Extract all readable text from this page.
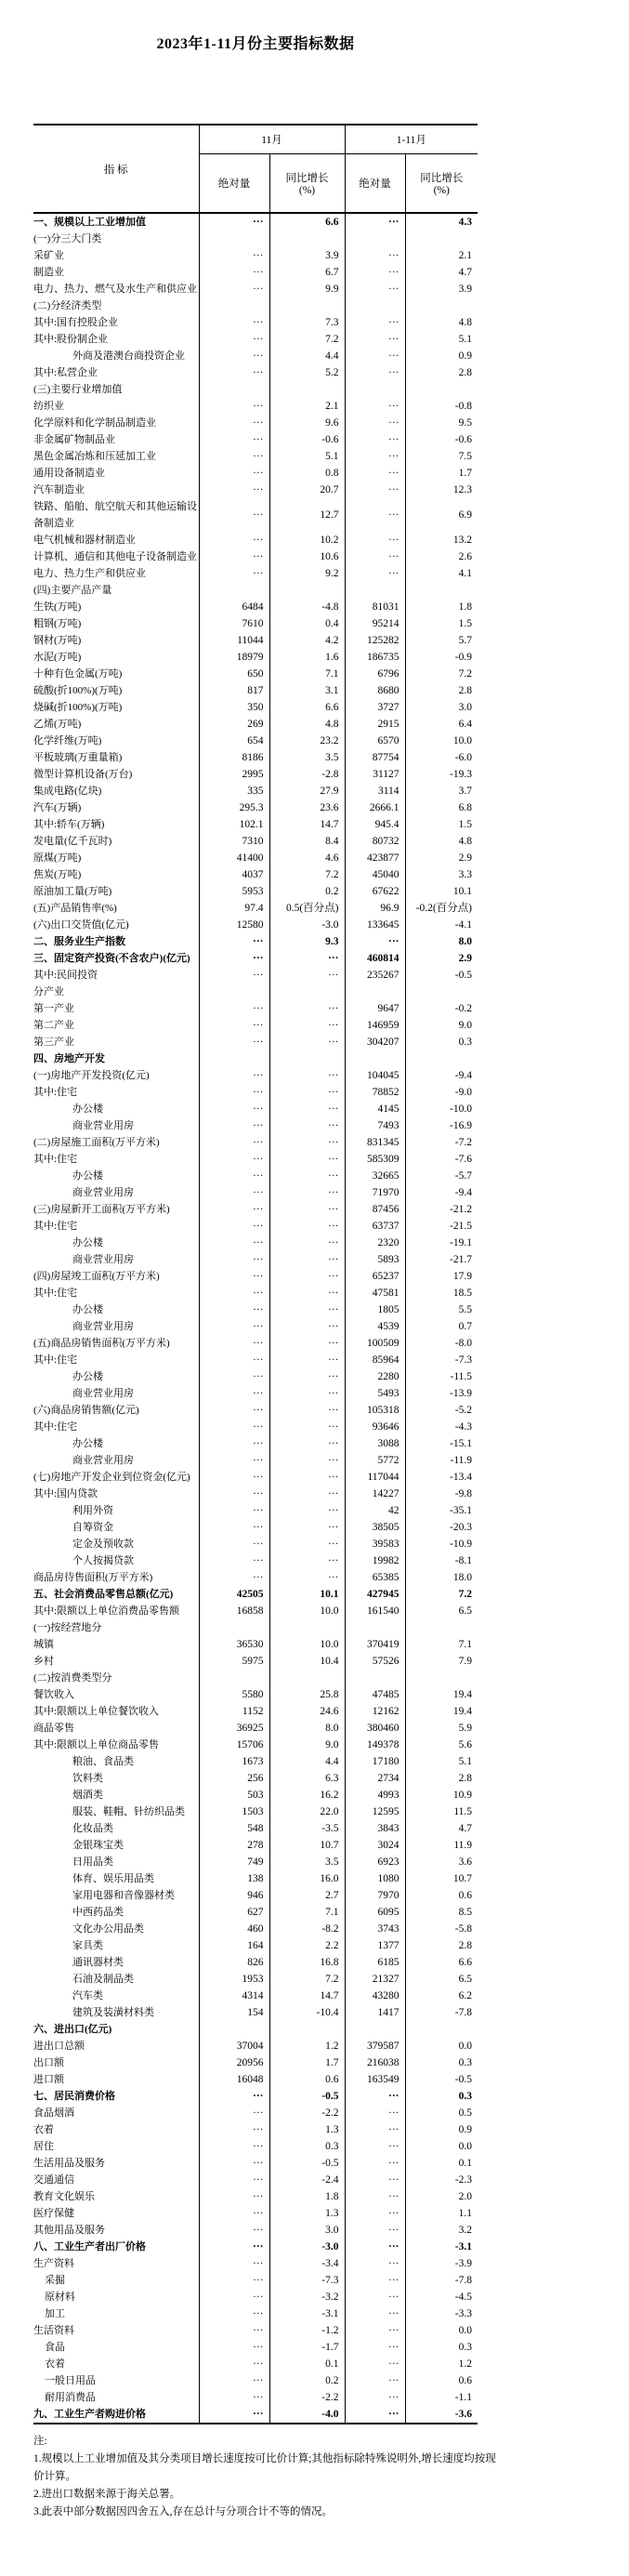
2023年1-11月份主要指标数据
指 标	11月		1-11月	
绝对量	同比增长
(%)
	绝对量	同比增长
(%)

一、规模以上工业增加值	···	6.6	···	4.3
(一)分三大门类				
采矿业	···	3.9	···	2.1
制造业	···	6.7	···	4.7
电力、热力、燃气及水生产和供应业	···	9.9	···	3.9
(二)分经济类型				
其中:国有控股企业	···	7.3	···	4.8
其中:股份制企业	···	7.2	···	5.1
外商及港澳台商投资企业	···	4.4	···	0.9
其中:私营企业	···	5.2	···	2.8
(三)主要行业增加值				
纺织业	···	2.1	···	-0.8
化学原料和化学制品制造业	···	9.6	···	9.5
非金属矿物制品业	···	-0.6	···	-0.6
黑色金属冶炼和压延加工业	···	5.1	···	7.5
通用设备制造业	···	0.8	···	1.7
汽车制造业	···	20.7	···	12.3
铁路、船舶、航空航天和其他运输设备制造业	···	12.7	···	6.9
电气机械和器材制造业	···	10.2	···	13.2
计算机、通信和其他电子设备制造业	···	10.6	···	2.6
电力、热力生产和供应业	···	9.2	···	4.1
(四)主要产品产量				
生铁(万吨)	6484	-4.8	81031	1.8
粗钢(万吨)	7610	0.4	95214	1.5
钢材(万吨)	11044	4.2	125282	5.7
水泥(万吨)	18979	1.6	186735	-0.9
十种有色金属(万吨)	650	7.1	6796	7.2
硫酸(折100%)(万吨)	817	3.1	8680	2.8
烧碱(折100%)(万吨)	350	6.6	3727	3.0
乙烯(万吨)	269	4.8	2915	6.4
化学纤维(万吨)	654	23.2	6570	10.0
平板玻璃(万重量箱)	8186	3.5	87754	-6.0
微型计算机设备(万台)	2995	-2.8	31127	-19.3
集成电路(亿块)	335	27.9	3114	3.7
汽车(万辆)	295.3	23.6	2666.1	6.8
其中:轿车(万辆)	102.1	14.7	945.4	1.5
发电量(亿千瓦时)	7310	8.4	80732	4.8
原煤(万吨)	41400	4.6	423877	2.9
焦炭(万吨)	4037	7.2	45040	3.3
原油加工量(万吨)	5953	0.2	67622	10.1
(五)产品销售率(%)	97.4	0.5(百分点)	96.9	-0.2(百分点)
(六)出口交货值(亿元)	12580	-3.0	133645	-4.1
二、服务业生产指数	···	9.3	···	8.0
三、固定资产投资(不含农户)(亿元)	···	···	460814	2.9
其中:民间投资	···	···	235267	-0.5
分产业				
第一产业	···	···	9647	-0.2
第二产业	···	···	146959	9.0
第三产业	···	···	304207	0.3
四、房地产开发				
(一)房地产开发投资(亿元)	···	···	104045	-9.4
其中:住宅	···	···	78852	-9.0
办公楼	···	···	4145	-10.0
商业营业用房	···	···	7493	-16.9
(二)房屋施工面积(万平方米)	···	···	831345	-7.2
其中:住宅	···	···	585309	-7.6
办公楼	···	···	32665	-5.7
商业营业用房	···	···	71970	-9.4
(三)房屋新开工面积(万平方米)	···	···	87456	-21.2
其中:住宅	···	···	63737	-21.5
办公楼	···	···	2320	-19.1
商业营业用房	···	···	5893	-21.7
(四)房屋竣工面积(万平方米)	···	···	65237	17.9
其中:住宅	···	···	47581	18.5
办公楼	···	···	1805	5.5
商业营业用房	···	···	4539	0.7
(五)商品房销售面积(万平方米)	···	···	100509	-8.0
其中:住宅	···	···	85964	-7.3
办公楼	···	···	2280	-11.5
商业营业用房	···	···	5493	-13.9
(六)商品房销售额(亿元)	···	···	105318	-5.2
其中:住宅	···	···	93646	-4.3
办公楼	···	···	3088	-15.1
商业营业用房	···	···	5772	-11.9
(七)房地产开发企业到位资金(亿元)	···	···	117044	-13.4
其中:国内贷款	···	···	14227	-9.8
利用外资	···	···	42	-35.1
自筹资金	···	···	38505	-20.3
定金及预收款	···	···	39583	-10.9
个人按揭贷款	···	···	19982	-8.1
商品房待售面积(万平方米)	···	···	65385	18.0
五、社会消费品零售总额(亿元)	42505	10.1	427945	7.2
其中:限额以上单位消费品零售额	16858	10.0	161540	6.5
(一)按经营地分				
城镇	36530	10.0	370419	7.1
乡村	5975	10.4	57526	7.9
(二)按消费类型分				
餐饮收入	5580	25.8	47485	19.4
其中:限额以上单位餐饮收入	1152	24.6	12162	19.4
商品零售	36925	8.0	380460	5.9
其中:限额以上单位商品零售	15706	9.0	149378	5.6
粮油、食品类	1673	4.4	17180	5.1
饮料类	256	6.3	2734	2.8
烟酒类	503	16.2	4993	10.9
服装、鞋帽、针纺织品类	1503	22.0	12595	11.5
化妆品类	548	-3.5	3843	4.7
金银珠宝类	278	10.7	3024	11.9
日用品类	749	3.5	6923	3.6
体育、娱乐用品类	138	16.0	1080	10.7
家用电器和音像器材类	946	2.7	7970	0.6
中西药品类	627	7.1	6095	8.5
文化办公用品类	460	-8.2	3743	-5.8
家具类	164	2.2	1377	2.8
通讯器材类	826	16.8	6185	6.6
石油及制品类	1953	7.2	21327	6.5
汽车类	4314	14.7	43280	6.2
建筑及装潢材料类	154	-10.4	1417	-7.8
六、进出口(亿元)				
进出口总额	37004	1.2	379587	0.0
出口额	20956	1.7	216038	0.3
进口额	16048	0.6	163549	-0.5
七、居民消费价格	···	-0.5	···	0.3
食品烟酒	···	-2.2	···	0.5
衣着	···	1.3	···	0.9
居住	···	0.3	···	0.0
生活用品及服务	···	-0.5	···	0.1
交通通信	···	-2.4	···	-2.3
教育文化娱乐	···	1.8	···	2.0
医疗保健	···	1.3	···	1.1
其他用品及服务	···	3.0	···	3.2
八、工业生产者出厂价格	···	-3.0	···	-3.1
生产资料	···	-3.4	···	-3.9
采掘	···	-7.3	···	-7.8
原材料	···	-3.2	···	-4.5
加工	···	-3.1	···	-3.3
生活资料	···	-1.2	···	0.0
食品	···	-1.7	···	0.3
衣着	···	0.1	···	1.2
一般日用品	···	0.2	···	0.6
耐用消费品	···	-2.2	···	-1.1
九、工业生产者购进价格	···	-4.0	···	-3.6

注:

1.规模以上工业增加值及其分类项目增长速度按可比价计算;其他指标除特殊说明外,增长速度均按现价计算。

2.进出口数据来源于海关总署。

3.此表中部分数据因四舍五入,存在总计与分项合计不等的情况。
